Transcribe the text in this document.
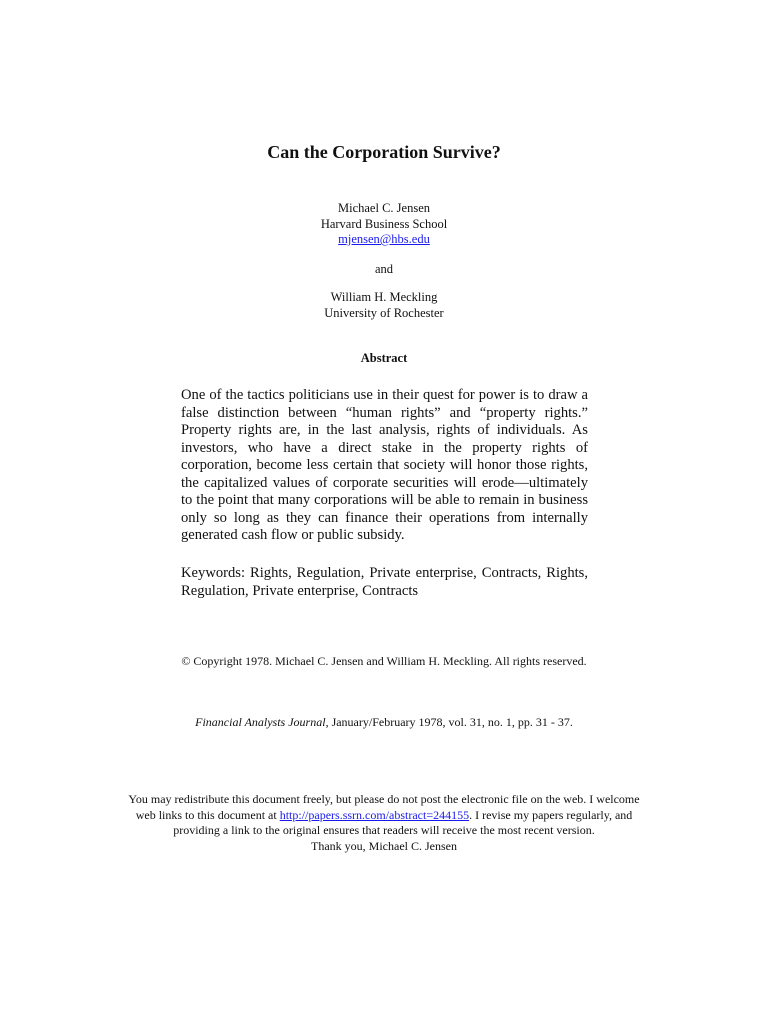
Can the Corporation Survive?
Michael C. Jensen
Harvard Business School
mjensen@hbs.edu
and
William H. Meckling
University of Rochester
Abstract

One of the tactics politicians use in their quest for power is to draw a false distinction between “human rights” and “property rights.” Property rights are, in the last analysis, rights of individuals. As investors, who have a direct stake in the property rights of corporation, become less certain that society will honor those rights, the capitalized values of corporate securities will erode—ultimately to the point that many corporations will be able to remain in business only so long as they can finance their operations from internally generated cash flow or public subsidy.

Keywords: Rights, Regulation, Private enterprise, Contracts, Rights, Regulation, Private enterprise, Contracts
© Copyright 1978. Michael C. Jensen and William H. Meckling. All rights reserved.
Financial Analysts Journal, January/February 1978, vol. 31, no. 1, pp. 31 - 37.
You may redistribute this document freely, but please do not post the electronic file on the web. I welcome
web links to this document at http://papers.ssrn.com/abstract=244155. I revise my papers regularly, and
providing a link to the original ensures that readers will receive the most recent version.
Thank you, Michael C. Jensen
